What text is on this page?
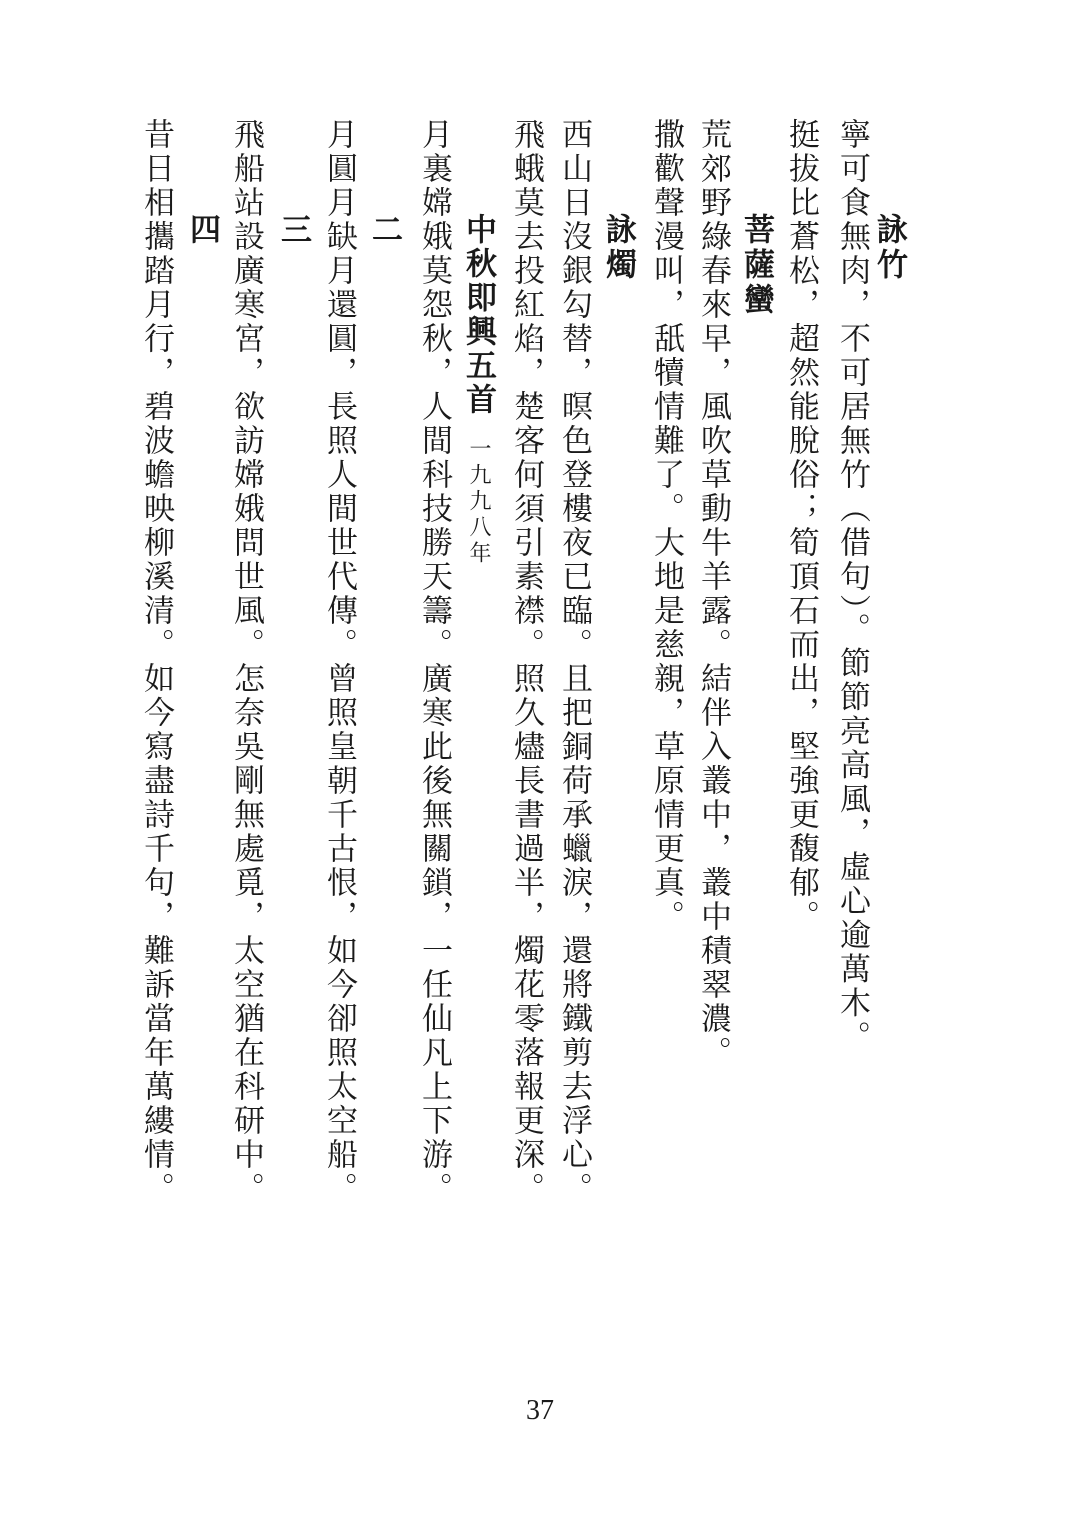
詠竹
寧可食無肉，不可居無竹（借句）。節節亮高風，虛心逾萬木。
挺拔比蒼松，超然能脫俗；筍頂石而出，堅強更馥郁。
菩薩蠻
荒郊野綠春來早，風吹草動牛羊露。結伴入叢中，叢中積翠濃。
撒歡聲漫叫，舐犢情難了。大地是慈親，草原情更真。
詠燭
西山日沒銀勾替，暝色登樓夜已臨。且把銅荷承蠟淚，還將鐵剪去浮心。
飛蛾莫去投紅焰，楚客何須引素襟。照久燼長書過半，燭花零落報更深。
中秋即興五首一九九八年
月裏嫦娥莫怨秋，人間科技勝天籌。廣寒此後無關鎖，一任仙凡上下游。
二
月圓月缺月還圓，長照人間世代傳。曾照皇朝千古恨，如今卻照太空船。
三
飛船站設廣寒宮，欲訪嫦娥問世風。怎奈吳剛無處覓，太空猶在科研中。
四
昔日相攜踏月行，碧波蟾映柳溪清。如今寫盡詩千句，難訴當年萬縷情。
37
